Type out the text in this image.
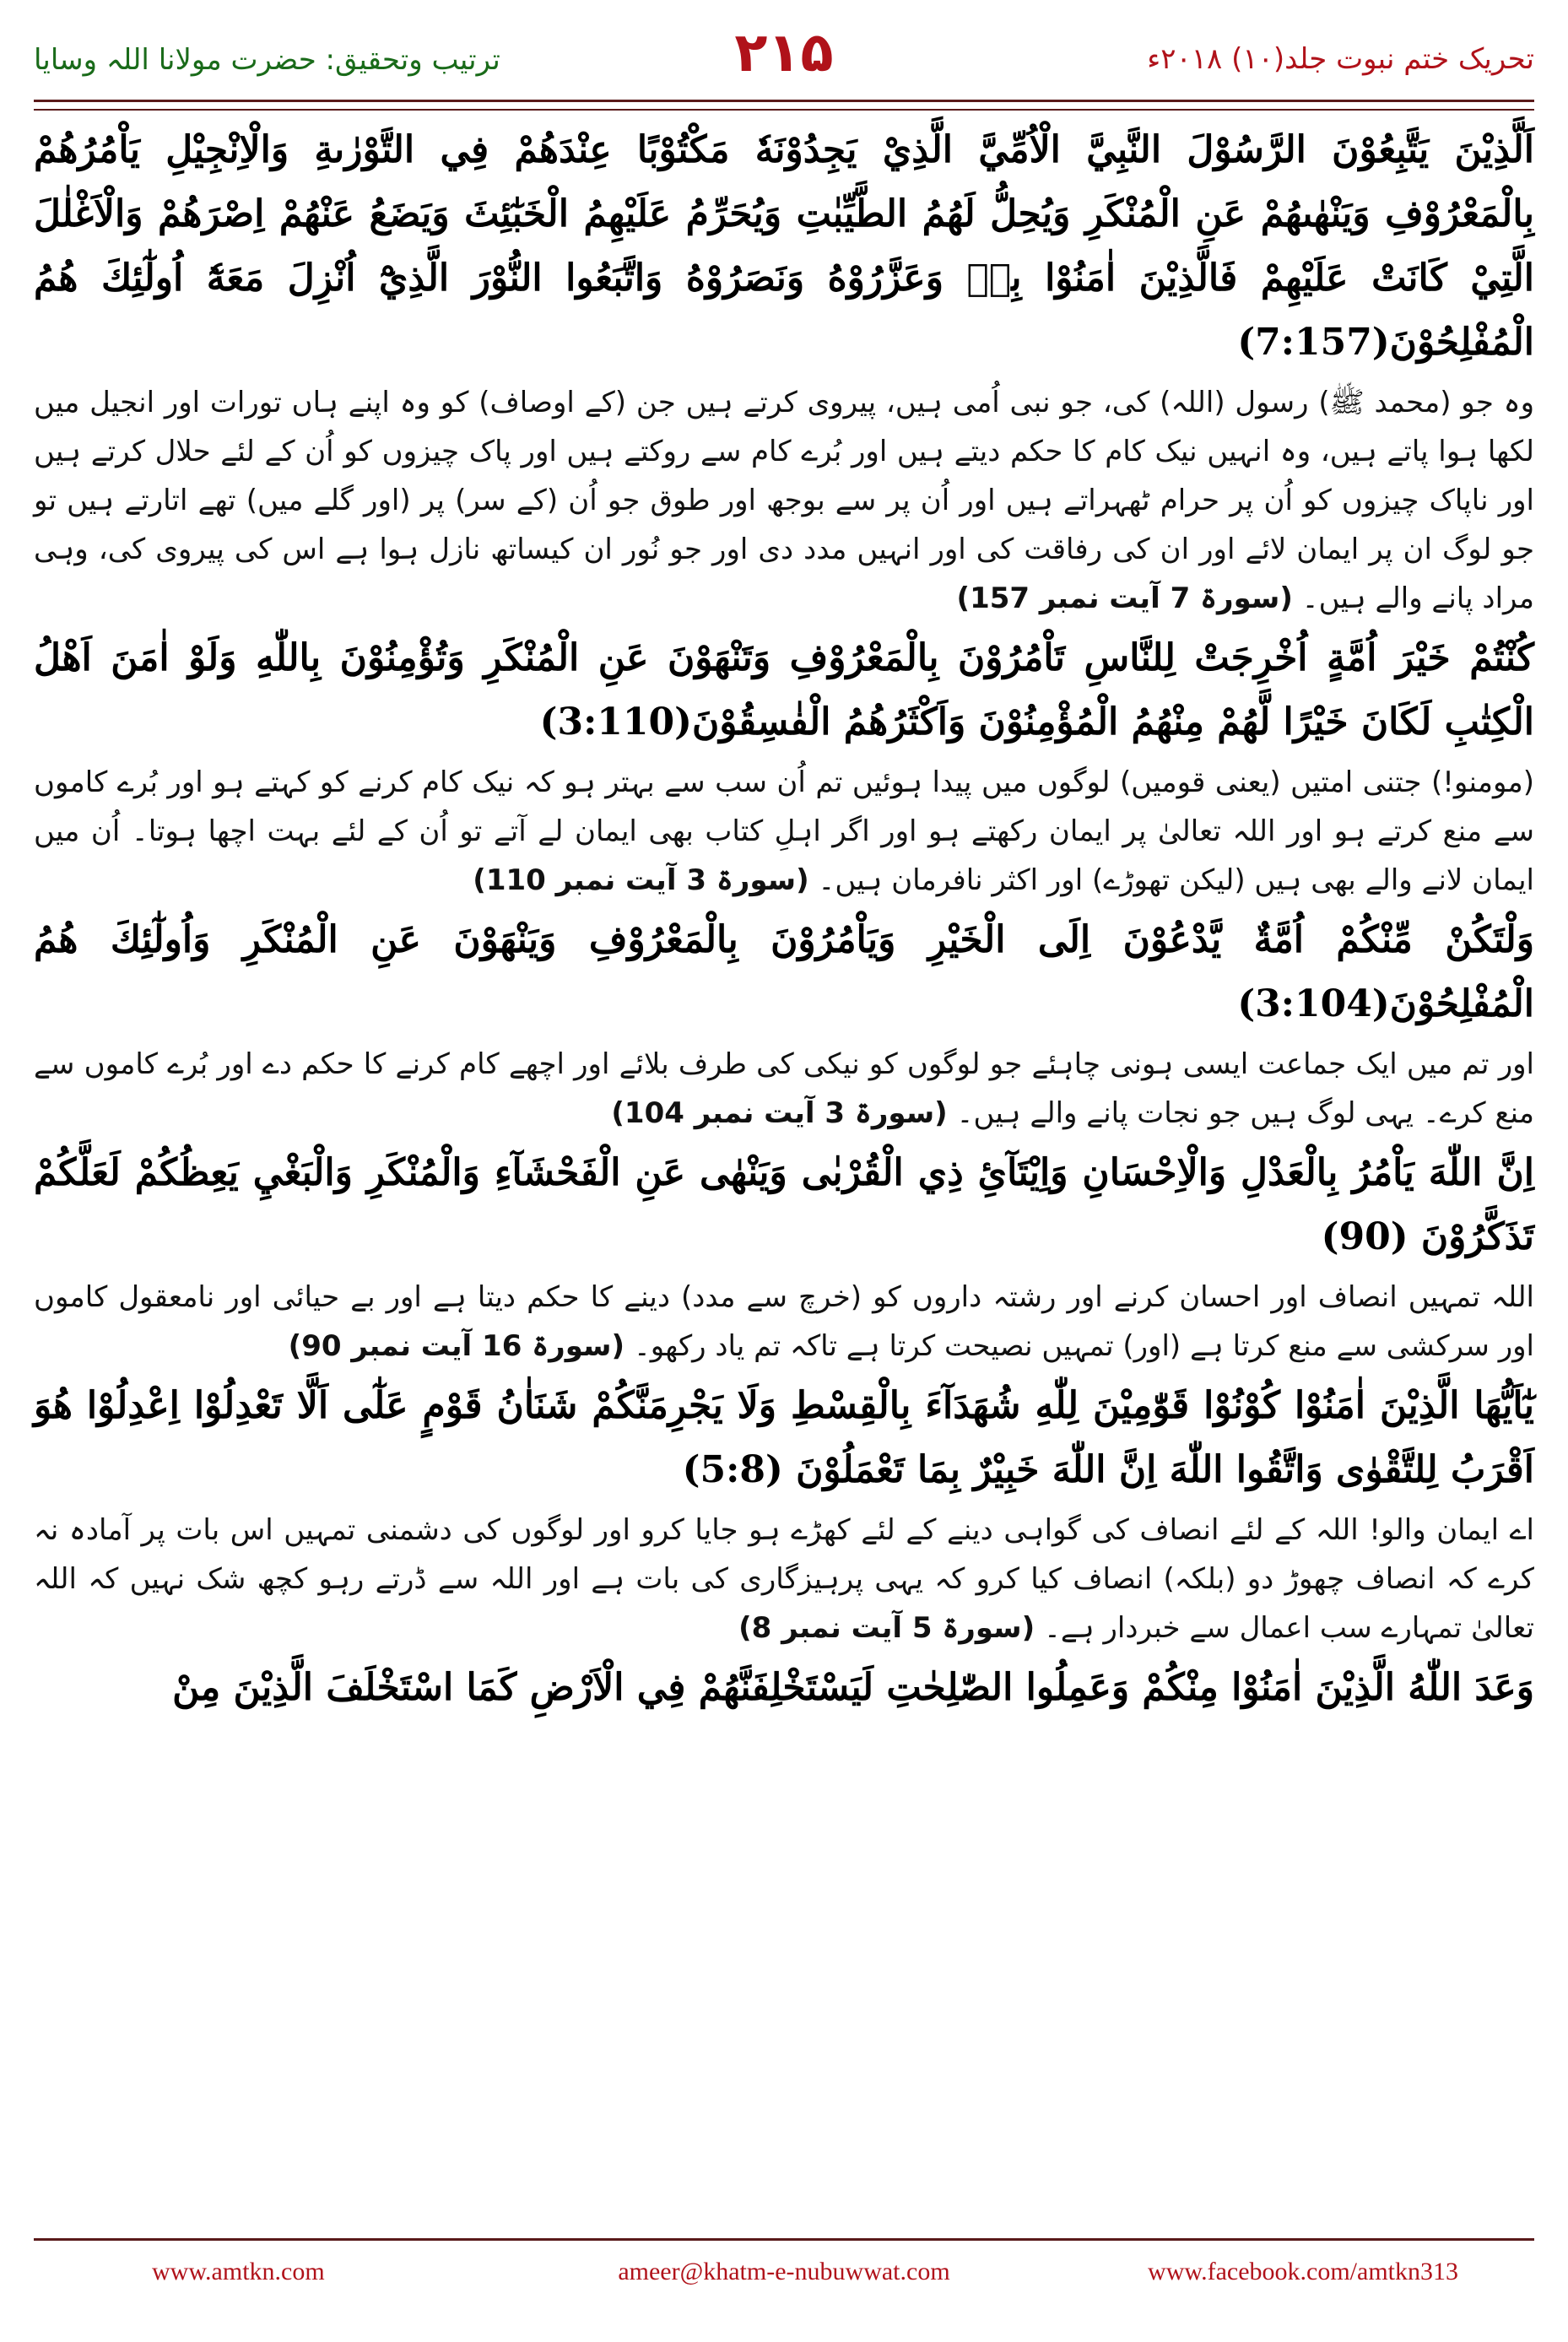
ترتیب وتحقیق: حضرت مولانا اللہ وسایا	۲۱۵	تحریک ختم نبوت جلد(۱۰) ۲۰۱۸ء
اَلَّذِيْنَ يَتَّبِعُوْنَ الرَّسُوْلَ النَّبِيَّ الْاُمِّيَّ الَّذِيْ يَجِدُوْنَهٗ مَكْتُوْبًا عِنْدَهُمْ فِي التَّوْرٰىةِ وَالْاِنْجِيْلِ يَاْمُرُهُمْ بِالْمَعْرُوْفِ وَيَنْهٰىهُمْ عَنِ الْمُنْكَرِ وَيُحِلُّ لَهُمُ الطَّيِّبٰتِ وَيُحَرِّمُ عَلَيْهِمُ الْخَبٰٓئِثَ وَيَضَعُ عَنْهُمْ اِصْرَهُمْ وَالْاَغْلٰلَ الَّتِيْ كَانَتْ عَلَيْهِمْ فَالَّذِيْنَ اٰمَنُوْا بِهٖ وَعَزَّرُوْهُ وَنَصَرُوْهُ وَاتَّبَعُوا النُّوْرَ الَّذِيْٓ اُنْزِلَ مَعَهٗٓ اُولٰٓئِكَ هُمُ الْمُفْلِحُوْنَ(7:157)
وہ جو (محمد ﷺ) رسول (اللہ) کی، جو نبی اُمی ہیں، پیروی کرتے ہیں جن (کے اوصاف) کو وہ اپنے ہاں تورات اور انجیل میں لکھا ہوا پاتے ہیں، وہ انہیں نیک کام کا حکم دیتے ہیں اور بُرے کام سے روکتے ہیں اور پاک چیزوں کو اُن کے لئے حلال کرتے ہیں اور ناپاک چیزوں کو اُن پر حرام ٹھہراتے ہیں اور اُن پر سے بوجھ اور طوق جو اُن (کے سر) پر (اور گلے میں) تھے اتارتے ہیں تو جو لوگ ان پر ایمان لائے اور ان کی رفاقت کی اور انہیں مدد دی اور جو نُور ان کیساتھ نازل ہوا ہے اس کی پیروی کی، وہی مراد پانے والے ہیں۔ (سورۃ 7 آیت نمبر 157)
كُنْتُمْ خَيْرَ اُمَّةٍ اُخْرِجَتْ لِلنَّاسِ تَاْمُرُوْنَ بِالْمَعْرُوْفِ وَتَنْهَوْنَ عَنِ الْمُنْكَرِ وَتُؤْمِنُوْنَ بِاللّٰهِ وَلَوْ اٰمَنَ اَهْلُ الْكِتٰبِ لَكَانَ خَيْرًا لَّهُمْ مِنْهُمُ الْمُؤْمِنُوْنَ وَاَكْثَرُهُمُ الْفٰسِقُوْنَ(3:110)
(مومنو!) جتنی امتیں (یعنی قومیں) لوگوں میں پیدا ہوئیں تم اُن سب سے بہتر ہو کہ نیک کام کرنے کو کہتے ہو اور بُرے کاموں سے منع کرتے ہو اور اللہ تعالیٰ پر ایمان رکھتے ہو اور اگر اہلِ کتاب بھی ایمان لے آتے تو اُن کے لئے بہت اچھا ہوتا۔ اُن میں ایمان لانے والے بھی ہیں (لیکن تھوڑے) اور اکثر نافرمان ہیں۔ (سورۃ 3 آیت نمبر 110)
وَلْتَكُنْ مِّنْكُمْ اُمَّةٌ يَّدْعُوْنَ اِلَى الْخَيْرِ وَيَاْمُرُوْنَ بِالْمَعْرُوْفِ وَيَنْهَوْنَ عَنِ الْمُنْكَرِ وَاُولٰٓئِكَ هُمُ الْمُفْلِحُوْنَ(3:104)
اور تم میں ایک جماعت ایسی ہونی چاہئے جو لوگوں کو نیکی کی طرف بلائے اور اچھے کام کرنے کا حکم دے اور بُرے کاموں سے منع کرے۔ یہی لوگ ہیں جو نجات پانے والے ہیں۔ (سورۃ 3 آیت نمبر 104)
اِنَّ اللّٰهَ يَاْمُرُ بِالْعَدْلِ وَالْاِحْسَانِ وَاِيْتَآئِ ذِي الْقُرْبٰى وَيَنْهٰى عَنِ الْفَحْشَآءِ وَالْمُنْكَرِ وَالْبَغْيِ يَعِظُكُمْ لَعَلَّكُمْ تَذَكَّرُوْنَ (90)
اللہ تمہیں انصاف اور احسان کرنے اور رشتہ داروں کو (خرچ سے مدد) دینے کا حکم دیتا ہے اور بے حیائی اور نامعقول کاموں اور سرکشی سے منع کرتا ہے (اور) تمہیں نصیحت کرتا ہے تاکہ تم یاد رکھو۔ (سورۃ 16 آیت نمبر 90)
يٰٓاَيُّهَا الَّذِيْنَ اٰمَنُوْا كُوْنُوْا قَوّٰمِيْنَ لِلّٰهِ شُهَدَآءَ بِالْقِسْطِ وَلَا يَجْرِمَنَّكُمْ شَنَاٰنُ قَوْمٍ عَلٰٓى اَلَّا تَعْدِلُوْا اِعْدِلُوْا هُوَ اَقْرَبُ لِلتَّقْوٰى وَاتَّقُوا اللّٰهَ اِنَّ اللّٰهَ خَبِيْرٌ بِمَا تَعْمَلُوْنَ (5:8)
اے ایمان والو! اللہ کے لئے انصاف کی گواہی دینے کے لئے کھڑے ہو جایا کرو اور لوگوں کی دشمنی تمہیں اس بات پر آمادہ نہ کرے کہ انصاف چھوڑ دو (بلکہ) انصاف کیا کرو کہ یہی پرہیزگاری کی بات ہے اور اللہ سے ڈرتے رہو کچھ شک نہیں کہ اللہ تعالیٰ تمہارے سب اعمال سے خبردار ہے۔ (سورۃ 5 آیت نمبر 8)
وَعَدَ اللّٰهُ الَّذِيْنَ اٰمَنُوْا مِنْكُمْ وَعَمِلُوا الصّٰلِحٰتِ لَيَسْتَخْلِفَنَّهُمْ فِي الْاَرْضِ كَمَا اسْتَخْلَفَ الَّذِيْنَ مِنْ
www.amtkn.com	ameer@khatm-e-nubuwwat.com	www.facebook.com/amtkn313
